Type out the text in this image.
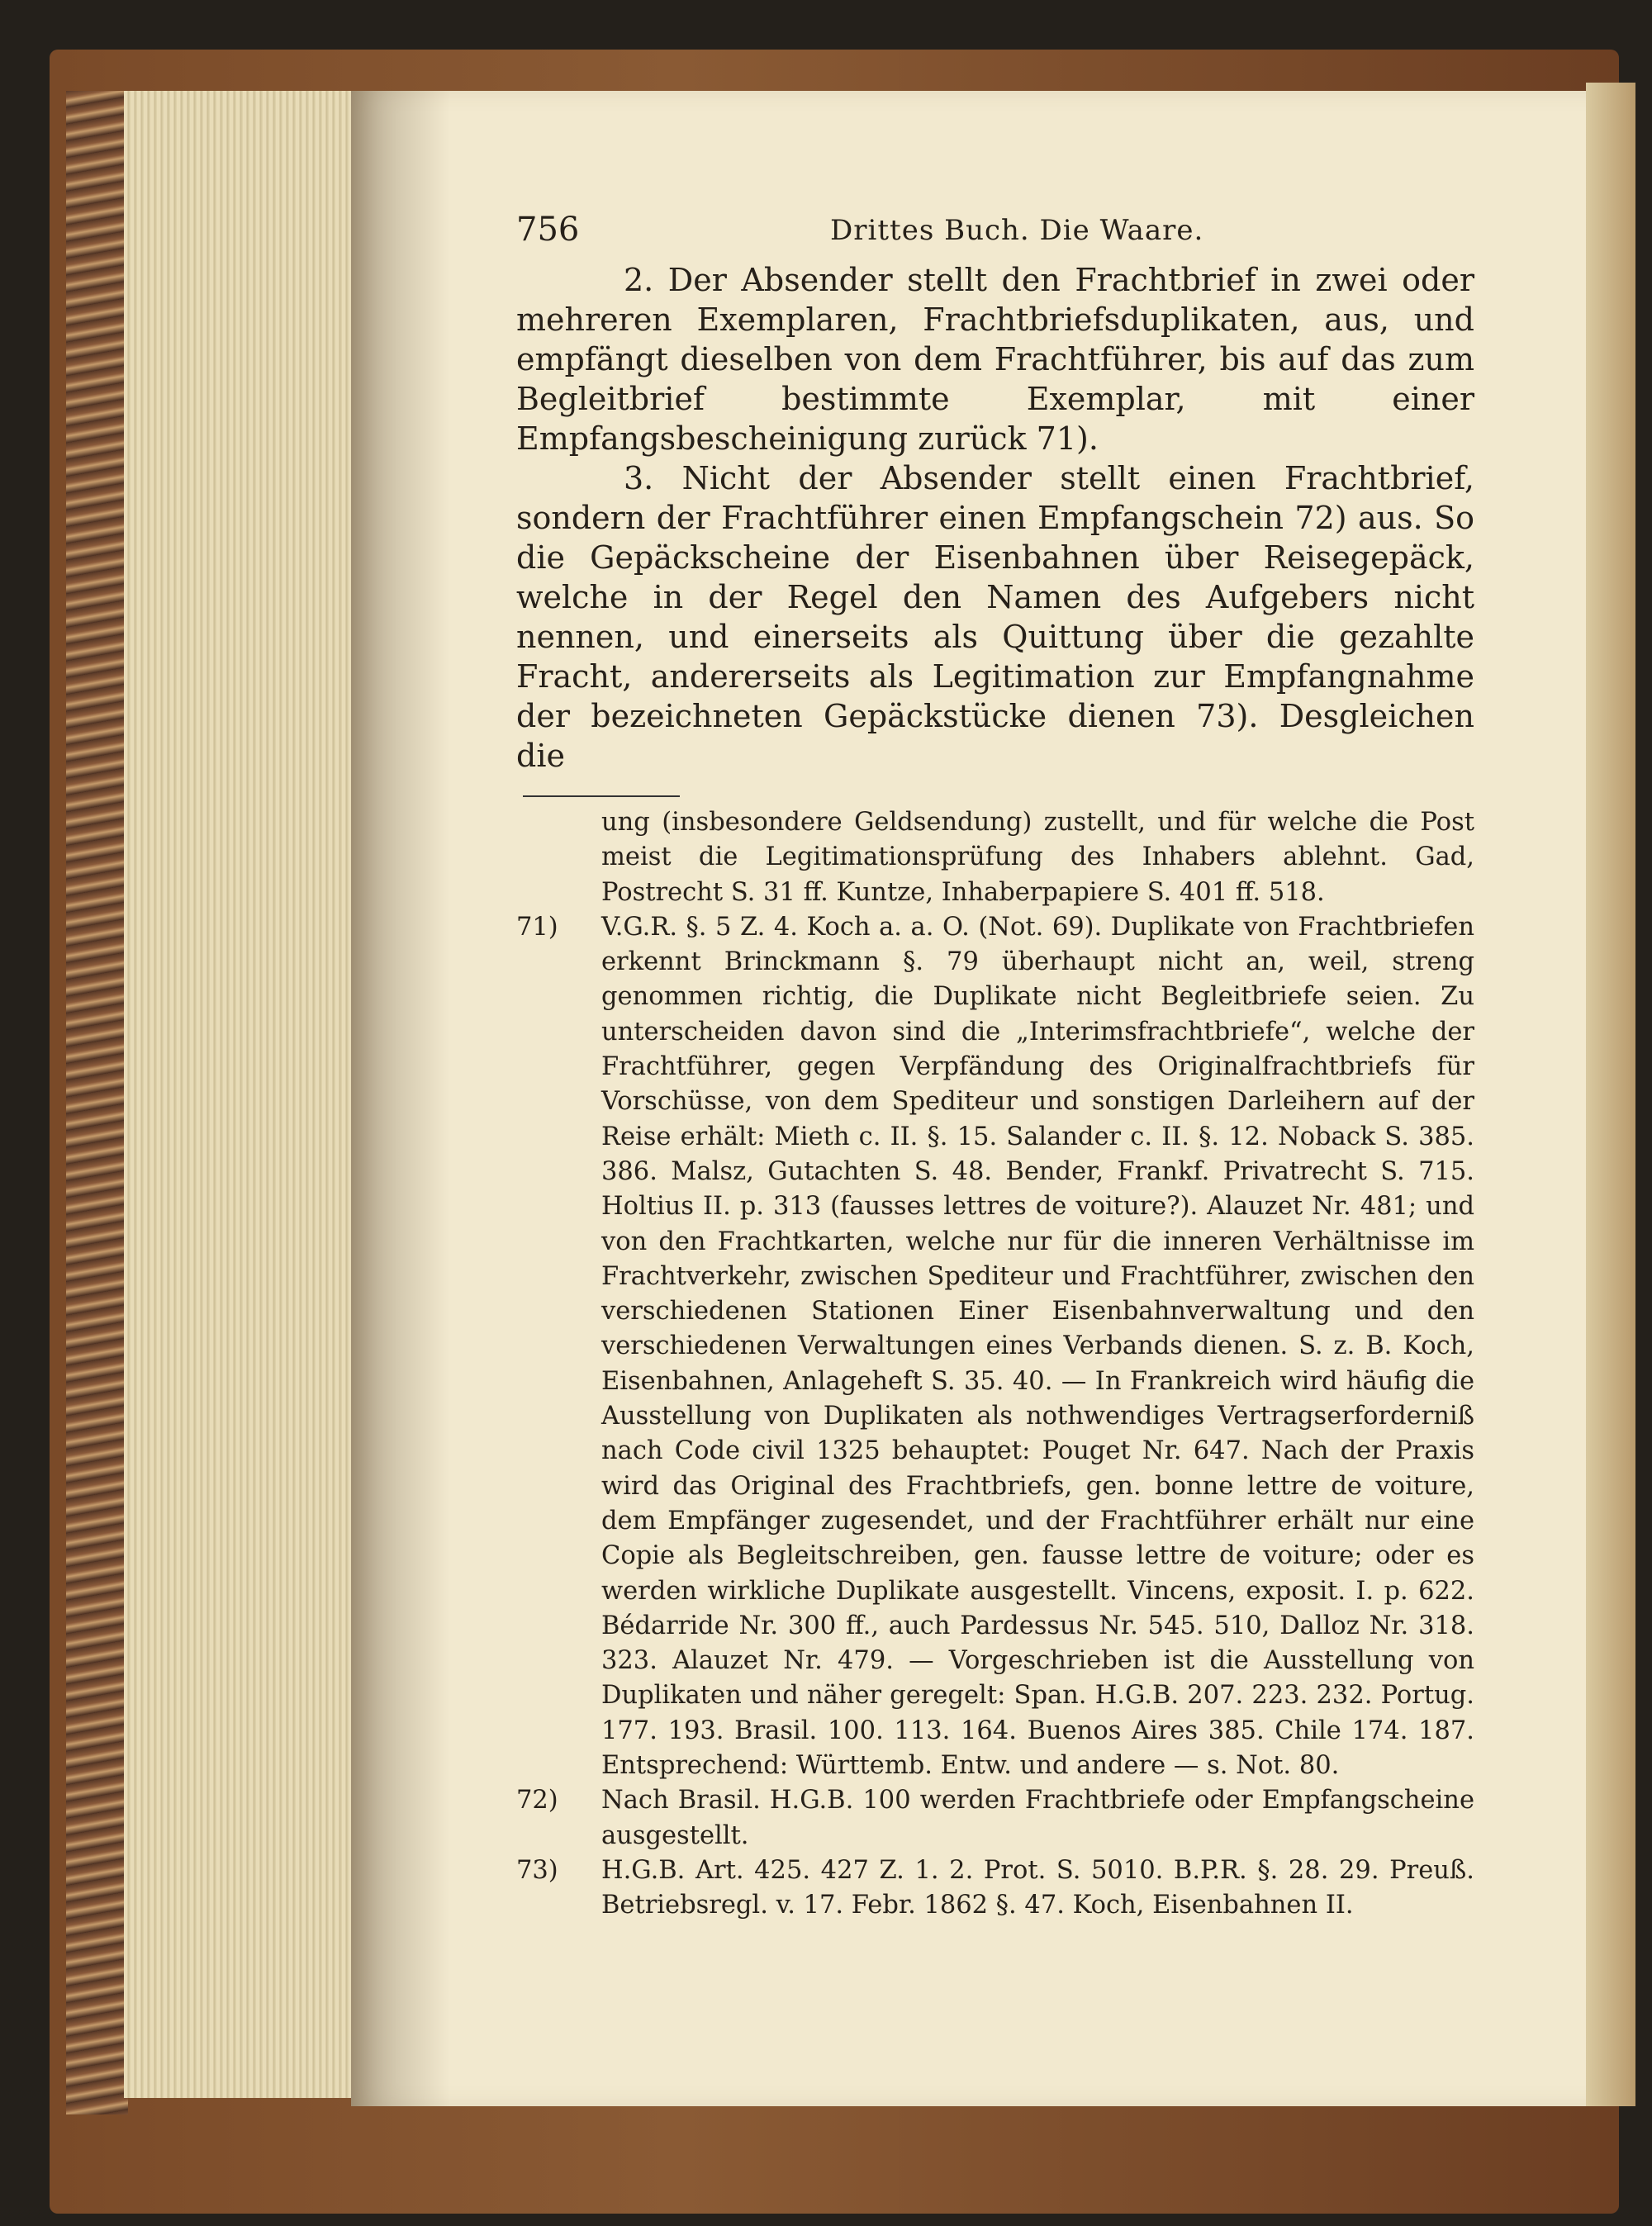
756	Drittes Buch. Die Waare.

2. Der Absender stellt den Frachtbrief in zwei oder mehreren Exemplaren, Frachtbriefsduplikaten, aus, und empfängt dieselben von dem Frachtführer, bis auf das zum Begleitbrief bestimmte Exemplar, mit einer Empfangsbescheinigung zurück 71).

3. Nicht der Absender stellt einen Frachtbrief, sondern der Frachtführer einen Empfangschein 72) aus. So die Gepäckscheine der Eisenbahnen über Reisegepäck, welche in der Regel den Namen des Aufgebers nicht nennen, und einerseits als Quittung über die gezahlte Fracht, andererseits als Legitimation zur Empfangnahme der bezeichneten Gepäckstücke dienen 73). Desgleichen die

ung (insbesondere Geldsendung) zustellt, und für welche die Post meist die Legitimationsprüfung des Inhabers ablehnt. Gad, Postrecht S. 31 ff. Kuntze, Inhaberpapiere S. 401 ff. 518.

71) V.G.R. §. 5 Z. 4. Koch a. a. O. (Not. 69). Duplikate von Frachtbriefen erkennt Brinckmann §. 79 überhaupt nicht an, weil, streng genommen richtig, die Duplikate nicht Begleitbriefe seien. Zu unterscheiden davon sind die „Interimsfrachtbriefe“, welche der Frachtführer, gegen Verpfändung des Originalfrachtbriefs für Vorschüsse, von dem Spediteur und sonstigen Darleihern auf der Reise erhält: Mieth c. II. §. 15. Salander c. II. §. 12. Noback S. 385. 386. Malsz, Gutachten S. 48. Bender, Frankf. Privatrecht S. 715. Holtius II. p. 313 (fausses lettres de voiture?). Alauzet Nr. 481; und von den Frachtkarten, welche nur für die inneren Verhältnisse im Frachtverkehr, zwischen Spediteur und Frachtführer, zwischen den verschiedenen Stationen Einer Eisenbahnverwaltung und den verschiedenen Verwaltungen eines Verbands dienen. S. z. B. Koch, Eisenbahnen, Anlageheft S. 35. 40. — In Frankreich wird häufig die Ausstellung von Duplikaten als nothwendiges Vertragserforderniß nach Code civil 1325 behauptet: Pouget Nr. 647. Nach der Praxis wird das Original des Frachtbriefs, gen. bonne lettre de voiture, dem Empfänger zugesendet, und der Frachtführer erhält nur eine Copie als Begleitschreiben, gen. fausse lettre de voiture; oder es werden wirkliche Duplikate ausgestellt. Vincens, exposit. I. p. 622. Bédarride Nr. 300 ff., auch Pardessus Nr. 545. 510, Dalloz Nr. 318. 323. Alauzet Nr. 479. — Vorgeschrieben ist die Ausstellung von Duplikaten und näher geregelt: Span. H.G.B. 207. 223. 232. Portug. 177. 193. Brasil. 100. 113. 164. Buenos Aires 385. Chile 174. 187. Entsprechend: Württemb. Entw. und andere — s. Not. 80.
72) Nach Brasil. H.G.B. 100 werden Frachtbriefe oder Empfangscheine ausgestellt.
73) H.G.B. Art. 425. 427 Z. 1. 2. Prot. S. 5010. B.P.R. §. 28. 29. Preuß. Betriebsregl. v. 17. Febr. 1862 §. 47. Koch, Eisenbahnen II.
